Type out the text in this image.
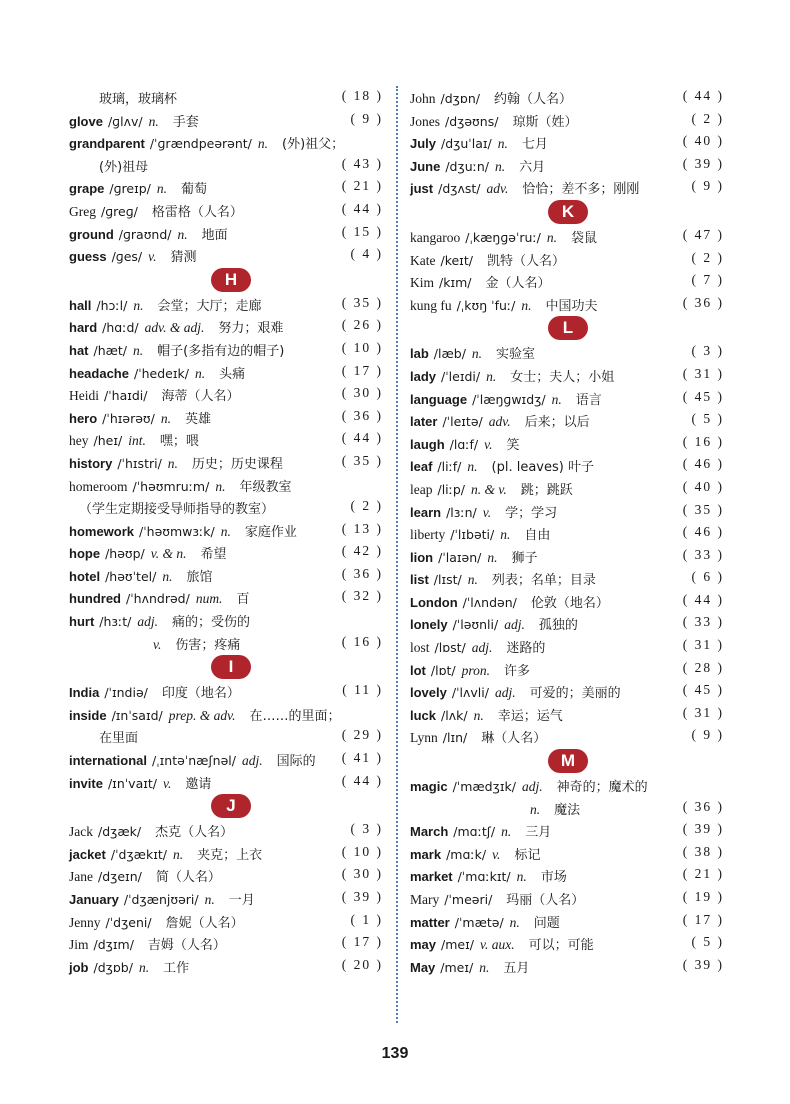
玻璃，玻璃杯	( 18 )
glove /ɡlʌv/ n. 手套	( 9 )
grandparent /ˈɡrændpeərənt/ n. (外)祖父；
(外)祖母	( 43 )
grape /ɡreɪp/ n. 葡萄	( 21 )
Greg /ɡreɡ/ 格雷格（人名）	( 44 )
ground /ɡraʊnd/ n. 地面	( 15 )
guess /ɡes/ v. 猜测	( 4 )
H
hall /hɔːl/ n. 会堂；大厅；走廊	( 35 )
hard /hɑːd/ adv. & adj. 努力；艰难	( 26 )
hat /hæt/ n. 帽子(多指有边的帽子)	( 10 )
headache /ˈhedeɪk/ n. 头痛	( 17 )
Heidi /ˈhaɪdi/ 海蒂（人名）	( 30 )
hero /ˈhɪərəʊ/ n. 英雄	( 36 )
hey /heɪ/ int. 嘿；喂	( 44 )
history /ˈhɪstri/ n. 历史；历史课程	( 35 )
homeroom /ˈhəʊmruːm/ n. 年级教室
（学生定期接受导师指导的教室）	( 2 )
homework /ˈhəʊmwɜːk/ n. 家庭作业	( 13 )
hope /həʊp/ v. & n. 希望	( 42 )
hotel /həʊˈtel/ n. 旅馆	( 36 )
hundred /ˈhʌndrəd/ num. 百	( 32 )
hurt /hɜːt/ adj. 痛的；受伤的
v. 伤害；疼痛	( 16 )
I
India /ˈɪndiə/ 印度（地名）	( 11 )
inside /ɪnˈsaɪd/ prep. & adv. 在……的里面；
在里面	( 29 )
international /ˌɪntəˈnæʃnəl/ adj. 国际的 ( 41 )
invite /ɪnˈvaɪt/ v. 邀请	( 44 )
J
Jack /dʒæk/ 杰克（人名）	( 3 )
jacket /ˈdʒækɪt/ n. 夹克；上衣	( 10 )
Jane /dʒeɪn/ 简（人名）	( 30 )
January /ˈdʒænjʊəri/ n. 一月	( 39 )
Jenny /ˈdʒeni/ 詹妮（人名）	( 1 )
Jim /dʒɪm/ 吉姆（人名）	( 17 )
job /dʒɒb/ n. 工作	( 20 )
John /dʒɒn/ 约翰（人名）	( 44 )
Jones /dʒəʊns/ 琼斯（姓）	( 2 )
July /dʒuˈlaɪ/ n. 七月	( 40 )
June /dʒuːn/ n. 六月	( 39 )
just /dʒʌst/ adv. 恰恰；差不多；刚刚	( 9 )
K
kangaroo /ˌkæŋɡəˈruː/ n. 袋鼠	( 47 )
Kate /keɪt/ 凯特（人名）	( 2 )
Kim /kɪm/ 金（人名）	( 7 )
kung fu /ˌkʊŋ ˈfuː/ n. 中国功夫	( 36 )
L
lab /læb/ n. 实验室	( 3 )
lady /ˈleɪdi/ n. 女士；夫人；小姐	( 31 )
language /ˈlæŋɡwɪdʒ/ n. 语言	( 45 )
later /ˈleɪtə/ adv. 后来；以后	( 5 )
laugh /lɑːf/ v. 笑	( 16 )
leaf /liːf/ n. (pl. leaves) 叶子	( 46 )
leap /liːp/ n. & v. 跳；跳跃	( 40 )
learn /lɜːn/ v. 学；学习	( 35 )
liberty /ˈlɪbəti/ n. 自由	( 46 )
lion /ˈlaɪən/ n. 狮子	( 33 )
list /lɪst/ n. 列表；名单；目录	( 6 )
London /ˈlʌndən/ 伦敦（地名）	( 44 )
lonely /ˈləʊnli/ adj. 孤独的	( 33 )
lost /lɒst/ adj. 迷路的	( 31 )
lot /lɒt/ pron. 许多	( 28 )
lovely /ˈlʌvli/ adj. 可爱的；美丽的	( 45 )
luck /lʌk/ n. 幸运；运气	( 31 )
Lynn /lɪn/ 琳（人名）	( 9 )
M
magic /ˈmædʒɪk/ adj. 神奇的；魔术的
n. 魔法	( 36 )
March /mɑːtʃ/ n. 三月	( 39 )
mark /mɑːk/ v. 标记	( 38 )
market /ˈmɑːkɪt/ n. 市场	( 21 )
Mary /ˈmeəri/ 玛丽（人名）	( 19 )
matter /ˈmætə/ n. 问题	( 17 )
may /meɪ/ v. aux. 可以；可能	( 5 )
May /meɪ/ n. 五月	( 39 )
139
